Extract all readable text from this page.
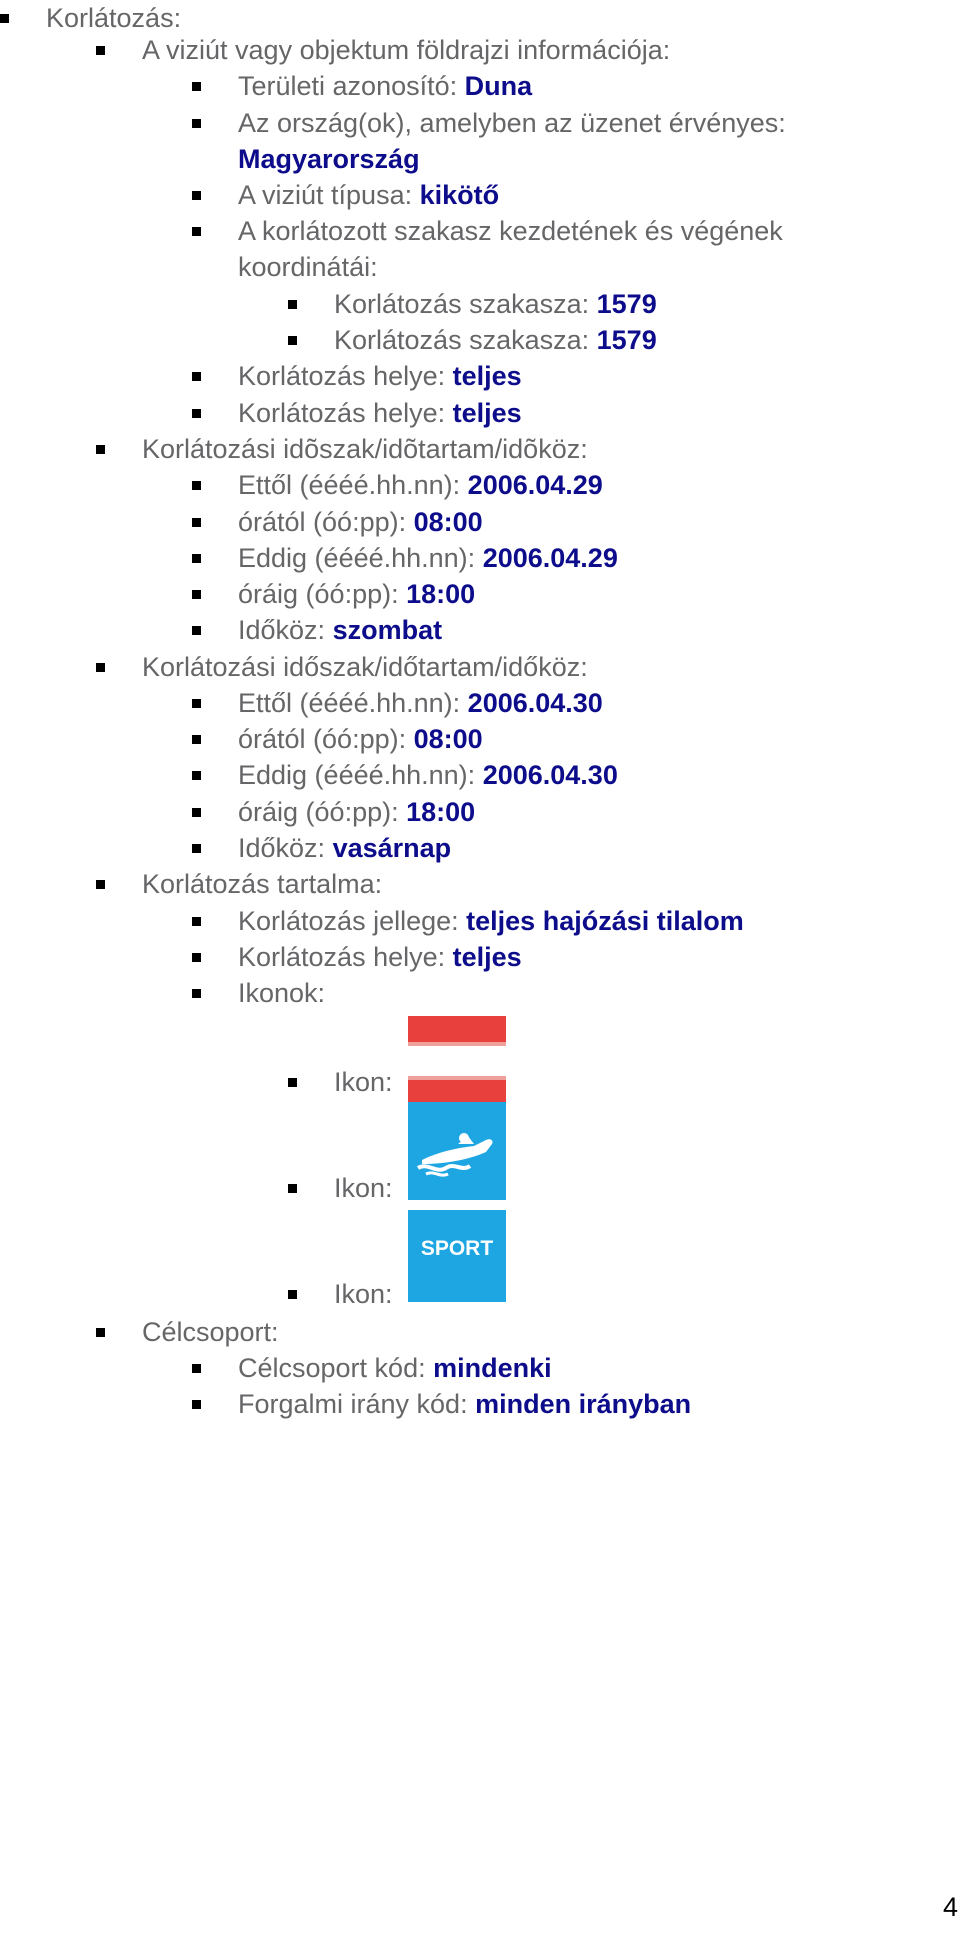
Korlátozás:
A viziút vagy objektum földrajzi információja:
Területi azonosító: Duna
Az ország(ok), amelyben az üzenet érvényes:
Magyarország
A viziút típusa: kikötő
A korlátozott szakasz kezdetének és végének
koordinátái:
Korlátozás szakasza: 1579
Korlátozás szakasza: 1579
Korlátozás helye: teljes
Korlátozás helye: teljes
Korlátozási idõszak/idõtartam/idõköz:
Ettől (éééé.hh.nn): 2006.04.29
órától (óó:pp): 08:00
Eddig (éééé.hh.nn): 2006.04.29
óráig (óó:pp): 18:00
Időköz: szombat
Korlátozási időszak/időtartam/időköz:
Ettől (éééé.hh.nn): 2006.04.30
órától (óó:pp): 08:00
Eddig (éééé.hh.nn): 2006.04.30
óráig (óó:pp): 18:00
Időköz: vasárnap
Korlátozás tartalma:
Korlátozás jellege: teljes hajózási tilalom
Korlátozás helye: teljes
Ikonok:
Ikon:
Ikon:
SPORT
Ikon:
Célcsoport:
Célcsoport kód: mindenki
Forgalmi irány kód: minden irányban
4
